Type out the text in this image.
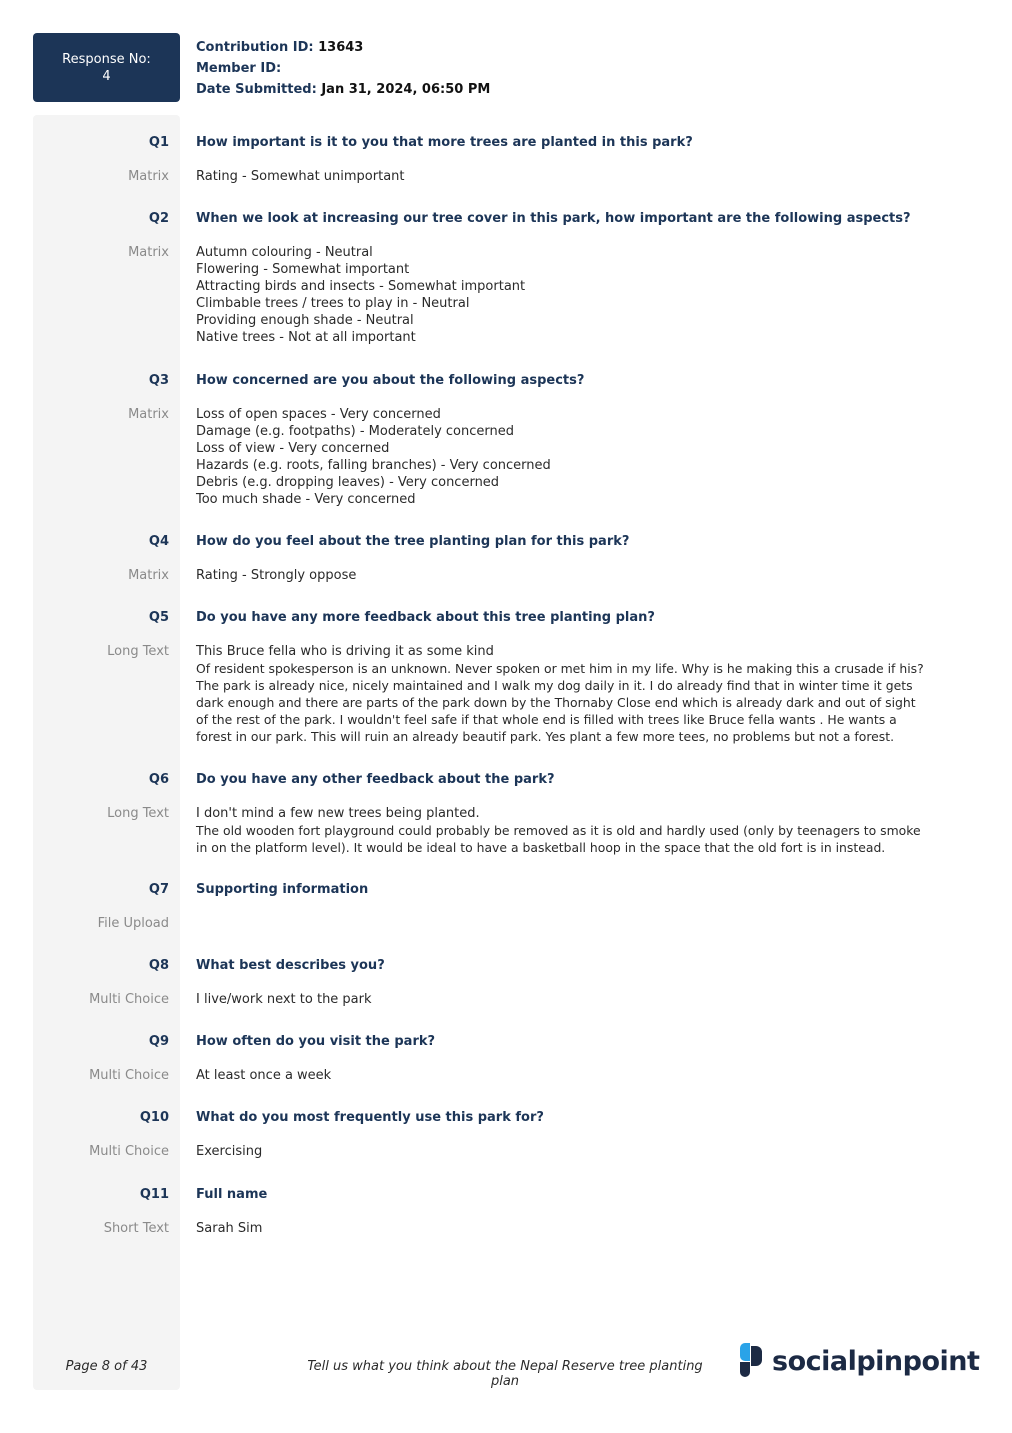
Response No:
4
Contribution ID: 13643
Member ID:
Date Submitted: Jan 31, 2024, 06:50 PM
Q1 How important is it to you that more trees are planted in this park?
Matrix Rating - Somewhat unimportant
Q2 When we look at increasing our tree cover in this park, how important are the following aspects?
Matrix Autumn colouring - Neutral
Flowering - Somewhat important
Attracting birds and insects - Somewhat important
Climbable trees / trees to play in - Neutral
Providing enough shade - Neutral
Native trees - Not at all important
Q3 How concerned are you about the following aspects?
Matrix Loss of open spaces - Very concerned
Damage (e.g. footpaths) - Moderately concerned
Loss of view - Very concerned
Hazards (e.g. roots, falling branches) - Very concerned
Debris (e.g. dropping leaves) - Very concerned
Too much shade - Very concerned
Q4 How do you feel about the tree planting plan for this park?
Matrix Rating - Strongly oppose
Q5 Do you have any more feedback about this tree planting plan?
Long Text This Bruce fella who is driving it as some kind
Of resident spokesperson is an unknown. Never spoken or met him in my life. Why is he making this a crusade if his?
The park is already nice, nicely maintained and I walk my dog daily in it. I do already find that in winter time it gets
dark enough and there are parts of the park down by the Thornaby Close end which is already dark and out of sight
of the rest of the park. I wouldn't feel safe if that whole end is filled with trees like Bruce fella wants . He wants a
forest in our park. This will ruin an already beautif park. Yes plant a few more tees, no problems but not a forest.
Q6 Do you have any other feedback about the park?
Long Text I don't mind a few new trees being planted.
The old wooden fort playground could probably be removed as it is old and hardly used (only by teenagers to smoke
in on the platform level). It would be ideal to have a basketball hoop in the space that the old fort is in instead.
Q7 Supporting information
File Upload
Q8 What best describes you?
Multi Choice I live/work next to the park
Q9 How often do you visit the park?
Multi Choice At least once a week
Q10 What do you most frequently use this park for?
Multi Choice Exercising
Q11 Full name
Short Text Sarah Sim
Page 8 of 43	Tell us what you think about the Nepal Reserve tree planting plan
socialpinpoint
